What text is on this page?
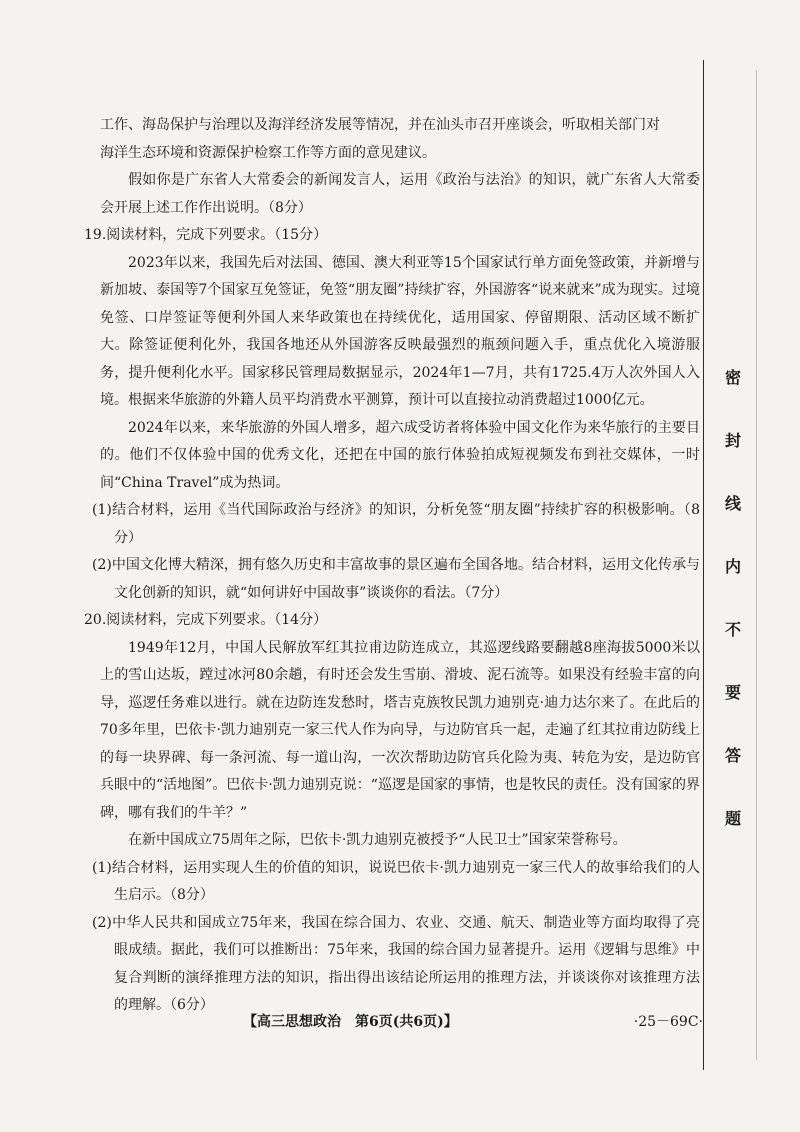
工作、海岛保护与治理以及海洋经济发展等情况，并在汕头市召开座谈会，听取相关部门对

海洋生态环境和资源保护检察工作等方面的意见建议。

假如你是广东省人大常委会的新闻发言人，运用《政治与法治》的知识，就广东省人大常委会开展上述工作作出说明。（8分）

19.阅读材料，完成下列要求。（15分）

2023年以来，我国先后对法国、德国、澳大利亚等15个国家试行单方面免签政策，并新增与新加坡、泰国等7个国家互免签证，免签“朋友圈”持续扩容，外国游客“说来就来”成为现实。过境免签、口岸签证等便利外国人来华政策也在持续优化，适用国家、停留期限、活动区域不断扩大。除签证便利化外，我国各地还从外国游客反映最强烈的瓶颈问题入手，重点优化入境游服务，提升便利化水平。国家移民管理局数据显示，2024年1—7月，共有1725.4万人次外国人入境。根据来华旅游的外籍人员平均消费水平测算，预计可以直接拉动消费超过1000亿元。

2024年以来，来华旅游的外国人增多，超六成受访者将体验中国文化作为来华旅行的主要目的。他们不仅体验中国的优秀文化，还把在中国的旅行体验拍成短视频发布到社交媒体，一时间“China Travel”成为热词。

(1)结合材料，运用《当代国际政治与经济》的知识，分析免签“朋友圈”持续扩容的积极影响。（8分）

(2)中国文化博大精深，拥有悠久历史和丰富故事的景区遍布全国各地。结合材料，运用文化传承与文化创新的知识，就“如何讲好中国故事”谈谈你的看法。（7分）

20.阅读材料，完成下列要求。（14分）

1949年12月，中国人民解放军红其拉甫边防连成立，其巡逻线路要翻越8座海拔5000米以上的雪山达坂，蹚过冰河80余趟，有时还会发生雪崩、滑坡、泥石流等。如果没有经验丰富的向导，巡逻任务难以进行。就在边防连发愁时，塔吉克族牧民凯力迪别克·迪力达尔来了。在此后的70多年里，巴依卡·凯力迪别克一家三代人作为向导，与边防官兵一起，走遍了红其拉甫边防线上的每一块界碑、每一条河流、每一道山沟，一次次帮助边防官兵化险为夷、转危为安，是边防官兵眼中的“活地图”。巴依卡·凯力迪别克说：“巡逻是国家的事情，也是牧民的责任。没有国家的界碑，哪有我们的牛羊？”

在新中国成立75周年之际，巴依卡·凯力迪别克被授予“人民卫士”国家荣誉称号。

(1)结合材料，运用实现人生的价值的知识，说说巴依卡·凯力迪别克一家三代人的故事给我们的人生启示。（8分）

(2)中华人民共和国成立75年来，我国在综合国力、农业、交通、航天、制造业等方面均取得了亮眼成绩。据此，我们可以推断出：75年来，我国的综合国力显著提升。运用《逻辑与思维》中复合判断的演绎推理方法的知识，指出得出该结论所运用的推理方法，并谈谈你对该推理方法的理解。（6分）

密
封
线
内
不
要
答
题
【高三思想政治　第6页(共6页)】	·25－69C·
